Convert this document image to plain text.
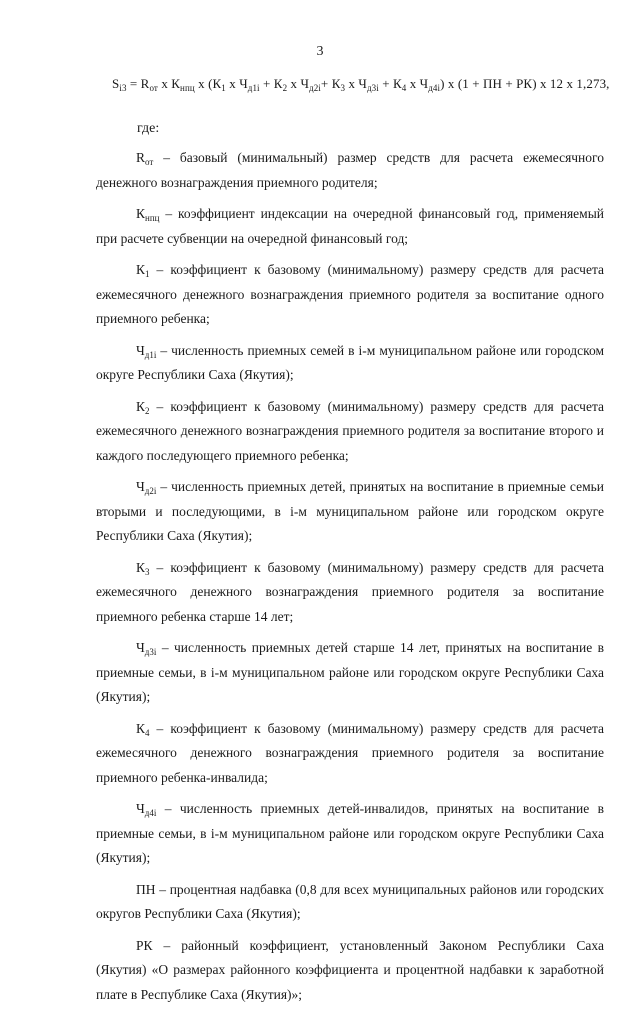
3
$S_{i3} = R_{от}$ x $К_{нпц}$ x ($К_1$ x $Ч_{д1i} + К_2$ x $Ч_{д2i}+ К_3$ x $Ч_{д3i} + К_4$ x $Ч_{д4i}$) x (1 + ПН + РК) x 12 x 1,273,
где:

$R_{от}$ – базовый (минимальный) размер средств для расчета ежемесячного денежного вознаграждения приемного родителя;

$К_{нпц}$ – коэффициент индексации на очередной финансовый год, применяемый при расчете субвенции на очередной финансовый год;

$К_1$ – коэффициент к базовому (минимальному) размеру средств для расчета ежемесячного денежного вознаграждения приемного родителя за воспитание одного приемного ребенка;

$Ч_{д1i}$ – численность приемных семей в i-м муниципальном районе или городском округе Республики Саха (Якутия);

$К_2$ – коэффициент к базовому (минимальному) размеру средств для расчета ежемесячного денежного вознаграждения приемного родителя за воспитание второго и каждого последующего приемного ребенка;

$Ч_{д2i}$ – численность приемных детей, принятых на воспитание в приемные семьи вторыми и последующими, в i-м муниципальном районе или городском округе Республики Саха (Якутия);

$К_3$ – коэффициент к базовому (минимальному) размеру средств для расчета ежемесячного денежного вознаграждения приемного родителя за воспитание приемного ребенка старше 14 лет;

$Ч_{д3i}$ – численность приемных детей старше 14 лет, принятых на воспитание в приемные семьи, в i-м муниципальном районе или городском округе Республики Саха (Якутия);

$К_4$ – коэффициент к базовому (минимальному) размеру средств для расчета ежемесячного денежного вознаграждения приемного родителя за воспитание приемного ребенка-инвалида;

$Ч_{д4i}$ – численность приемных детей-инвалидов, принятых на воспитание в приемные семьи, в i-м муниципальном районе или городском округе Республики Саха (Якутия);

ПН – процентная надбавка (0,8 для всех муниципальных районов или городских округов Республики Саха (Якутия);

РК – районный коэффициент, установленный Законом Республики Саха (Якутия) «О размерах районного коэффициента и процентной надбавки к заработной плате в Республике Саха (Якутия)»;
